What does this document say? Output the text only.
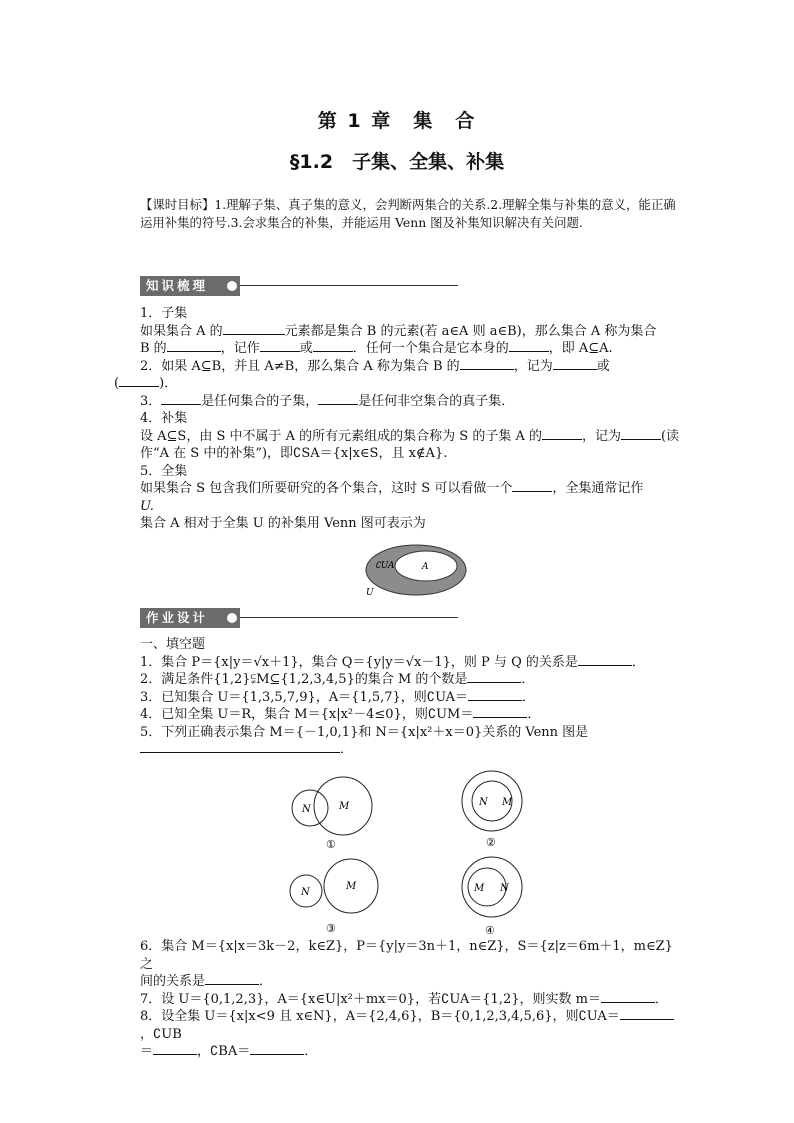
第 1 章　集　合
§1.2　子集、全集、补集

【课时目标】1.理解子集、真子集的意义，会判断两集合的关系.2.理解全集与补集的意义，能正确运用补集的符号.3.会求集合的补集，并能运用 Venn 图及补集知识解决有关问题.

知识梳理

1．子集

如果集合 A 的	元素都是集合 B 的元素(若 a∈A 则 a∈B)，那么集合 A 称为集合

B 的	，记作	或	．任何一个集合是它本身的	，即 A⊆A.

2．如果 A⊆B，并且 A≠B，那么集合 A 称为集合 B 的	，记为	或

(	)．

3．	是任何集合的子集，	是任何非空集合的真子集．

4．补集

设 A⊆S，由 S 中不属于 A 的所有元素组成的集合称为 S 的子集 A 的	，记为	(读

作“A 在 S 中的补集”)，即∁SA＝{x|x∈S，且 x∉A}.

5．全集

如果集合 S 包含我们所要研究的各个集合，这时 S 可以看做一个	，全集通常记作

U.

集合 A 相对于全集 U 的补集用 Venn 图可表示为

∁UA	A
U
作业设计

一、填空题

1．集合 P＝{x|y＝√x＋1}，集合 Q＝{y|y＝√x－1}，则 P 与 Q 的关系是	．

2．满足条件{1,2}⫋M⊆{1,2,3,4,5}的集合 M 的个数是	．

3．已知集合 U＝{1,3,5,7,9}，A＝{1,5,7}，则∁UA＝	．

4．已知全集 U＝R，集合 M＝{x|x²－4≤0}，则∁UM＝	．

5．下列正确表示集合 M＝{－1,0,1}和 N＝{x|x²＋x＝0}关系的 Venn 图是

．

M
N
①
N M
②
N
M
③
M N
④

6．集合 M＝{x|x＝3k－2，k∈Z}，P＝{y|y＝3n＋1，n∈Z}，S＝{z|z＝6m＋1，m∈Z}之

间的关系是	．

7．设 U＝{0,1,2,3}，A＝{x∈U|x²＋mx＝0}，若∁UA＝{1,2}，则实数 m＝	．

8．设全集 U＝{x|x<9 且 x∈N}，A＝{2,4,6}，B＝{0,1,2,3,4,5,6}，则∁UA＝，∁UB

＝	，∁BA＝	．
